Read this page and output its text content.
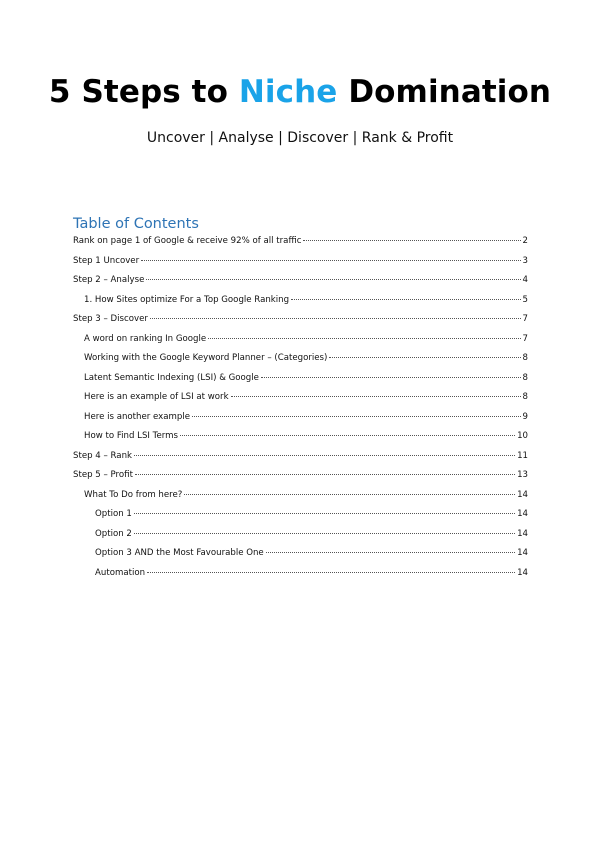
5 Steps to Niche Domination
Uncover | Analyse | Discover | Rank & Profit
Table of Contents
Rank on page 1 of Google & receive 92% of all traffic	2
Step 1 Uncover	3
Step 2 – Analyse	4
1. How Sites optimize For a Top Google Ranking	5
Step 3 – Discover	7
A word on ranking In Google	7
Working with the Google Keyword Planner – (Categories)	8
Latent Semantic Indexing (LSI) & Google	8
Here is an example of LSI at work	8
Here is another example	9
How to Find LSI Terms	10
Step 4 – Rank	11
Step 5 – Profit	13
What To Do from here?	14
Option 1	14
Option 2	14
Option 3 AND the Most Favourable One	14
Automation	14
